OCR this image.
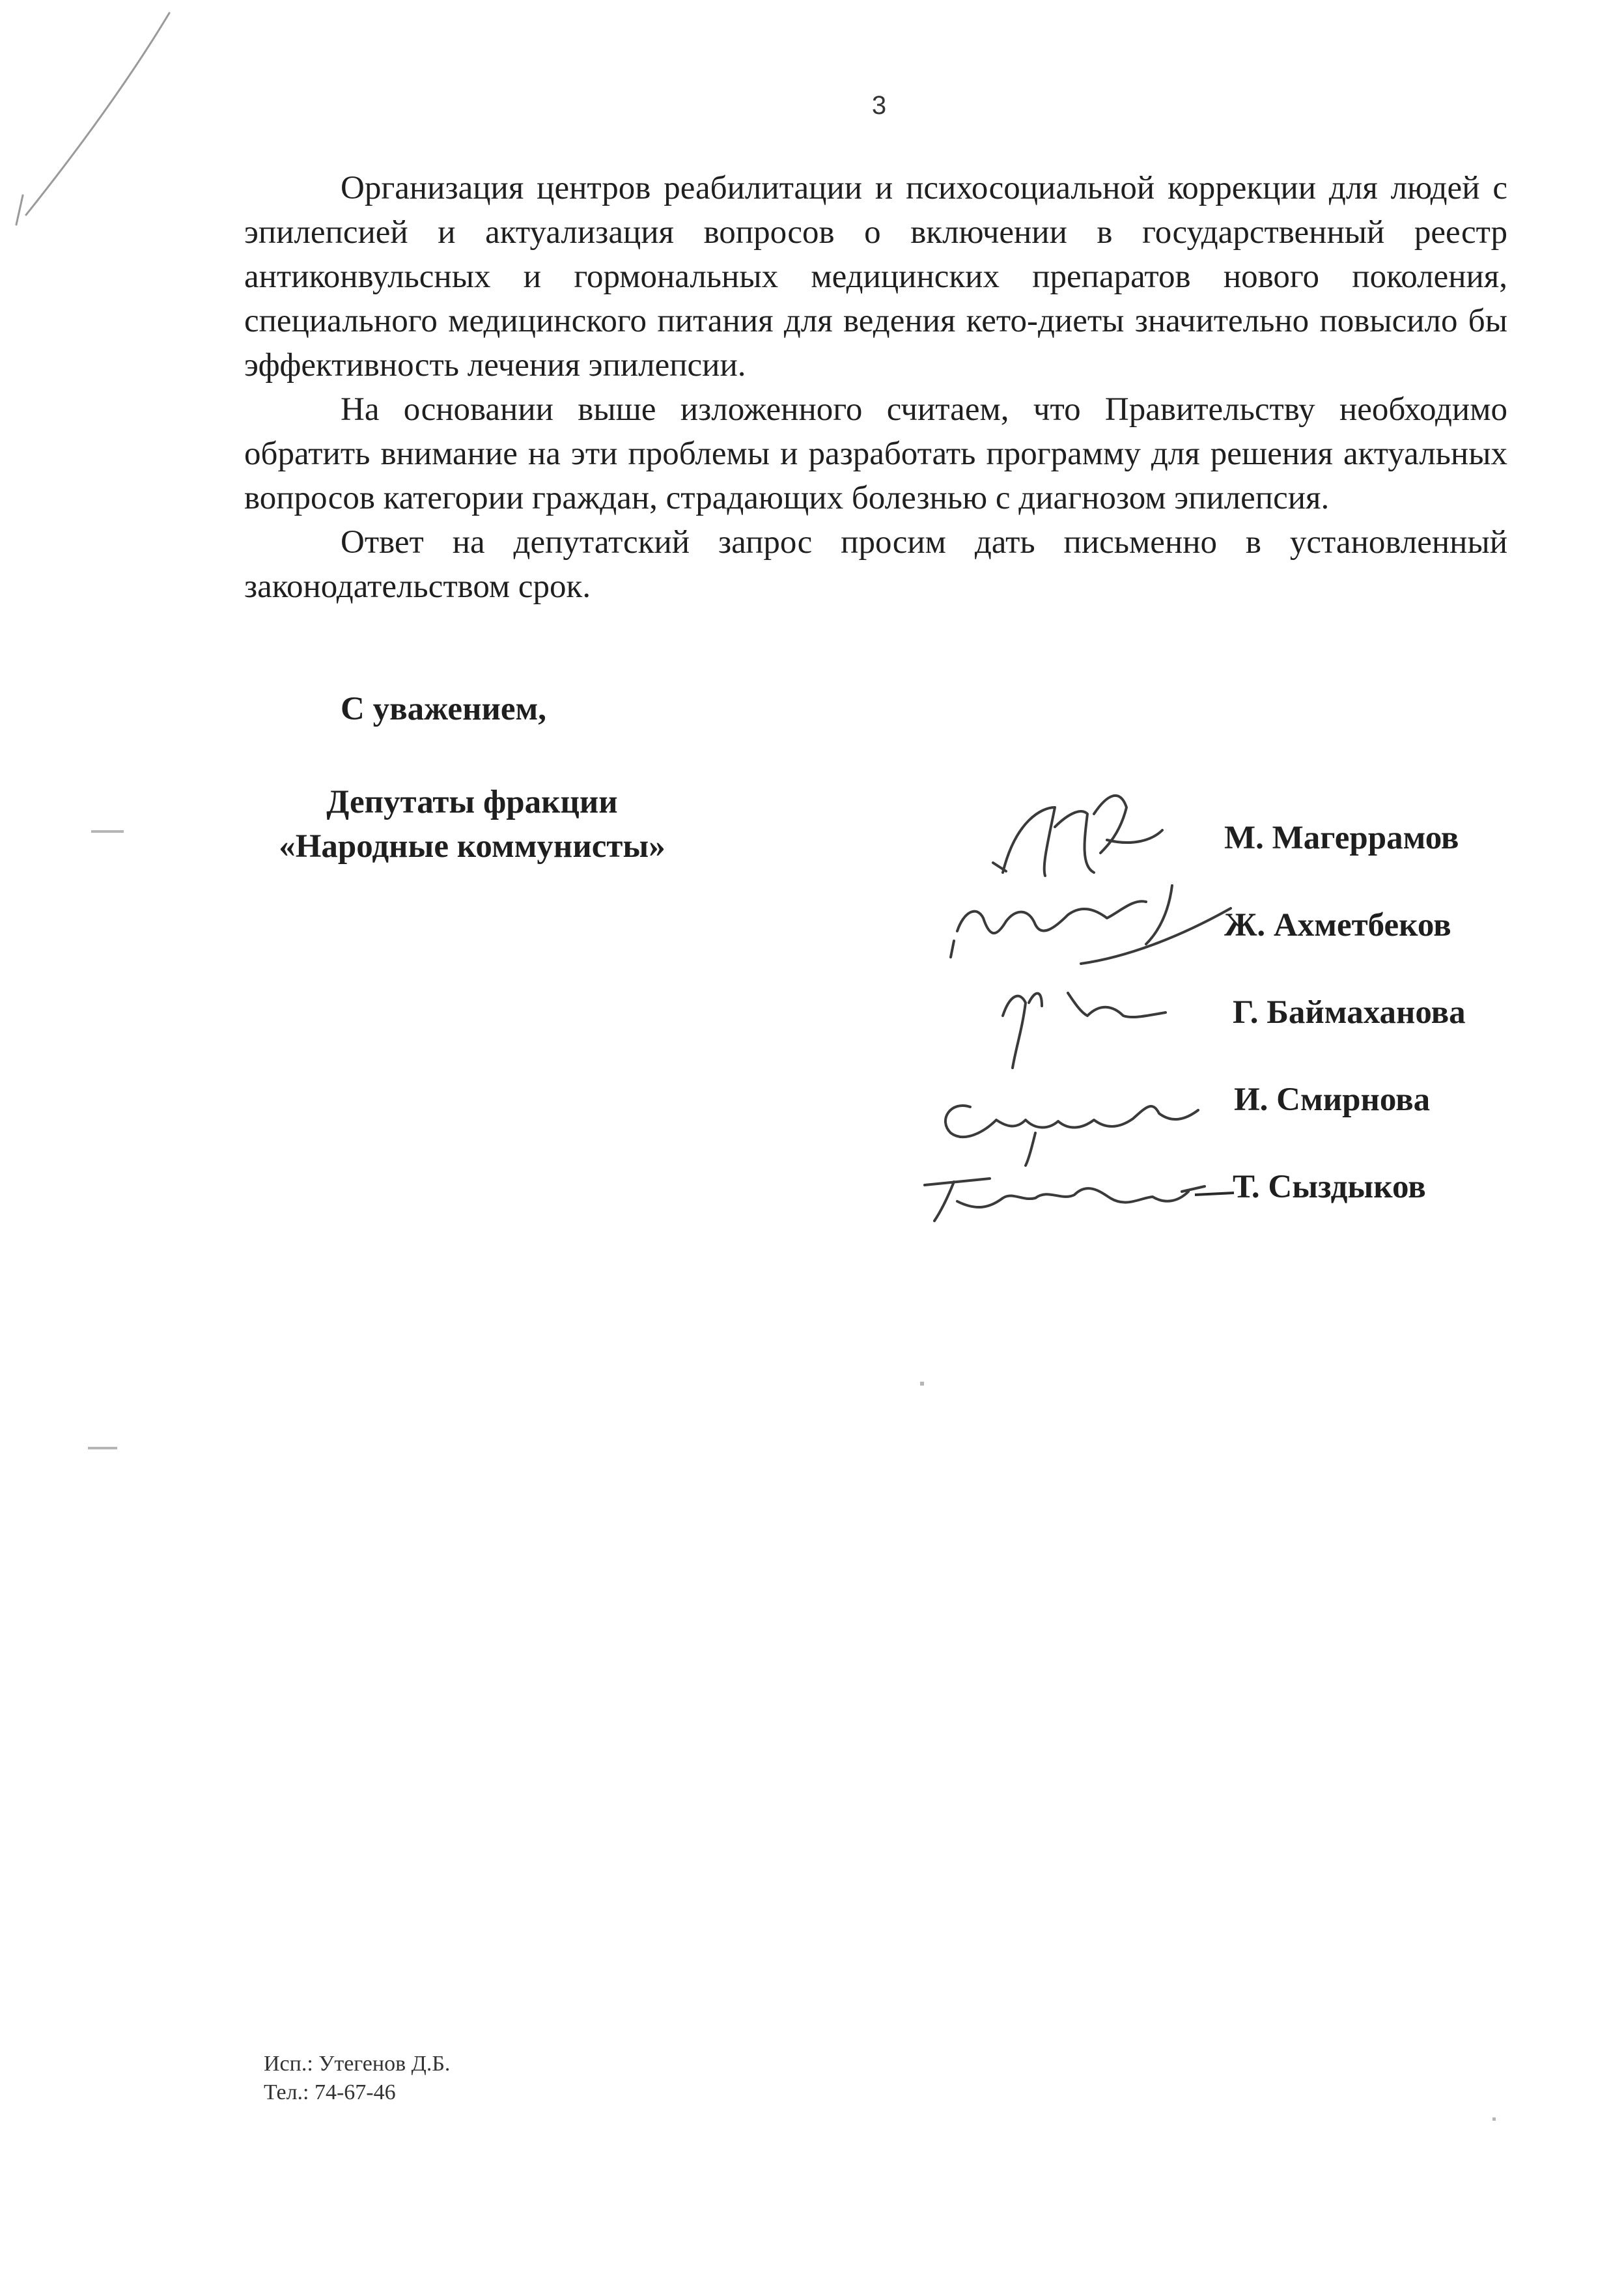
3

Организация центров реабилитации и психосоциальной коррекции для людей с эпилепсией и актуализация вопросов о включении в государственный реестр антиконвульсных и гормональных медицинских препаратов нового поколения, специального медицинского питания для ведения кето-диеты значительно повысило бы эффективность лечения эпилепсии.

На основании выше изложенного считаем, что Правительству необходимо обратить внимание на эти проблемы и разработать программу для решения актуальных вопросов категории граждан, страдающих болезнью с диагнозом эпилепсия.

Ответ на депутатский запрос просим дать письменно в установленный законодательством срок.

С уважением,
Депутаты фракции
«Народные коммунисты»	М. Магеррамов
Ж. Ахметбеков
Г. Баймаханова
И. Смирнова
Т. Сыздыков
Исп.: Утегенов Д.Б.
Тел.: 74-67-46
